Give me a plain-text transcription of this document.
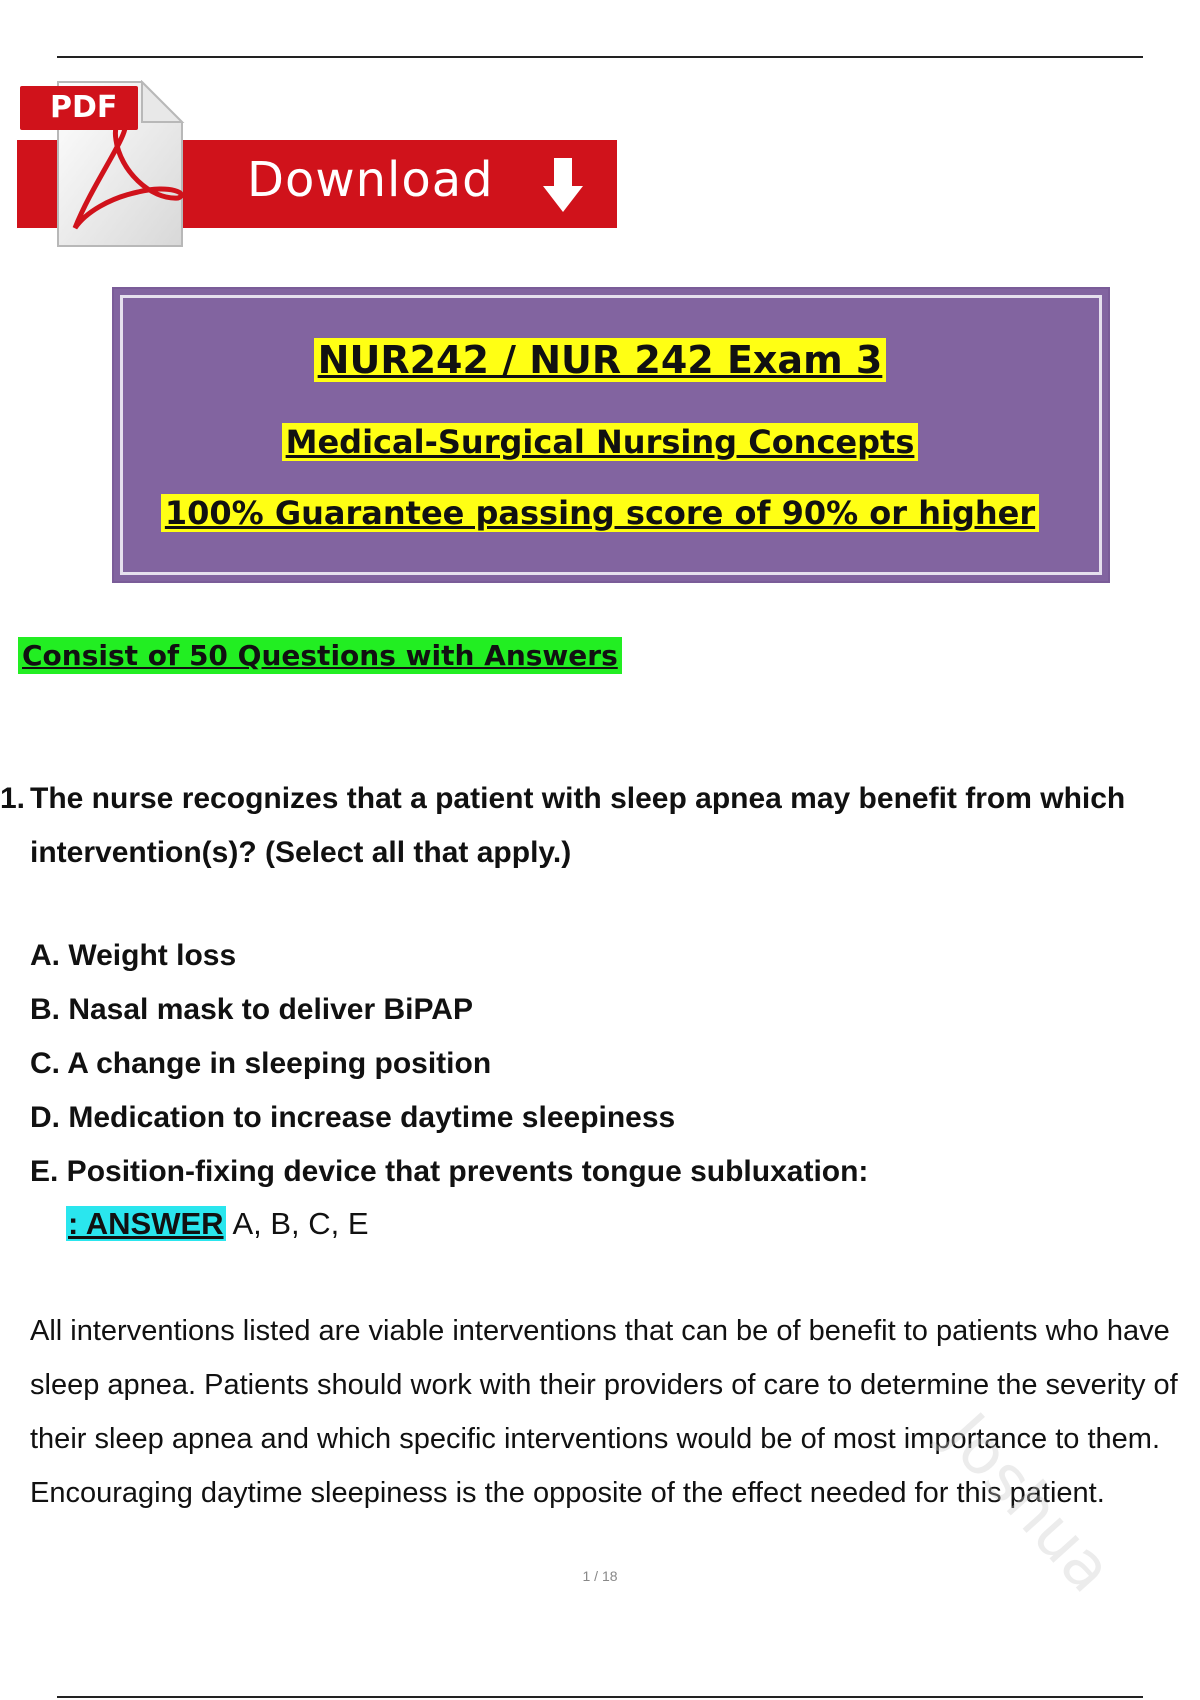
Download
PDF
NUR242 / NUR 242 Exam 3
Medical-Surgical Nursing Concepts
100% Guarantee passing score of 90% or higher
Consist of 50 Questions with Answers
1. The nurse recognizes that a patient with sleep apnea may benefit from which intervention(s)? (Select all that apply.)
A. Weight loss
B. Nasal mask to deliver BiPAP
C. A change in sleeping position
D. Medication to increase daytime sleepiness
E. Position-fixing device that prevents tongue subluxation:
: ANSWER A, B, C, E
All interventions listed are viable interventions that can be of benefit to patients who have sleep apnea. Patients should work with their providers of care to determine the severity of their sleep apnea and which specific interventions would be of most importance to them. Encouraging daytime sleepiness is the opposite of the effect needed for this patient.
Joshua
1 / 18
